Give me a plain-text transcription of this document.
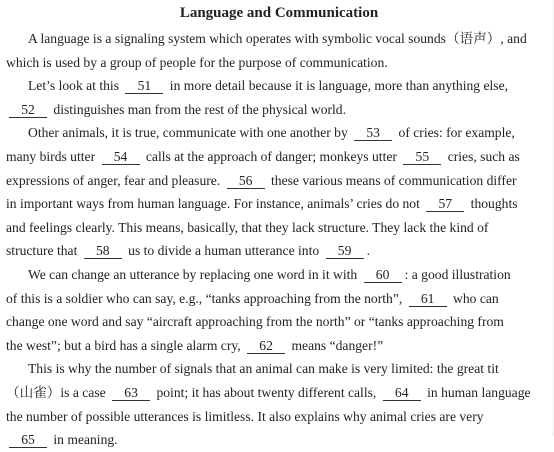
Language and Communication

A language is a signaling system which operates with symbolic vocal sounds（语声）, and
which is used by a group of people for the purpose of communication.

Let’s look at this 51 in more detail because it is language, more than anything else,
52 distinguishes man from the rest of the physical world.

Other animals, it is true, communicate with one another by 53 of cries: for example,
many birds utter 54 calls at the approach of danger; monkeys utter 55 cries, such as
expressions of anger, fear and pleasure. 56 these various means of communication differ
in important ways from human language. For instance, animals’ cries do not 57 thoughts
and feelings clearly. This means, basically, that they lack structure. They lack the kind of
structure that 58 us to divide a human utterance into 59 .

We can change an utterance by replacing one word in it with 60 : a good illustration
of this is a soldier who can say, e.g., “tanks approaching from the north”, 61 who can
change one word and say “aircraft approaching from the north” or “tanks approaching from
the west”; but a bird has a single alarm cry, 62 means “danger!”

This is why the number of signals that an animal can make is very limited: the great tit
（山雀）is a case 63 point; it has about twenty different calls, 64 in human language
the number of possible utterances is limitless. It also explains why animal cries are very
65 in meaning.
